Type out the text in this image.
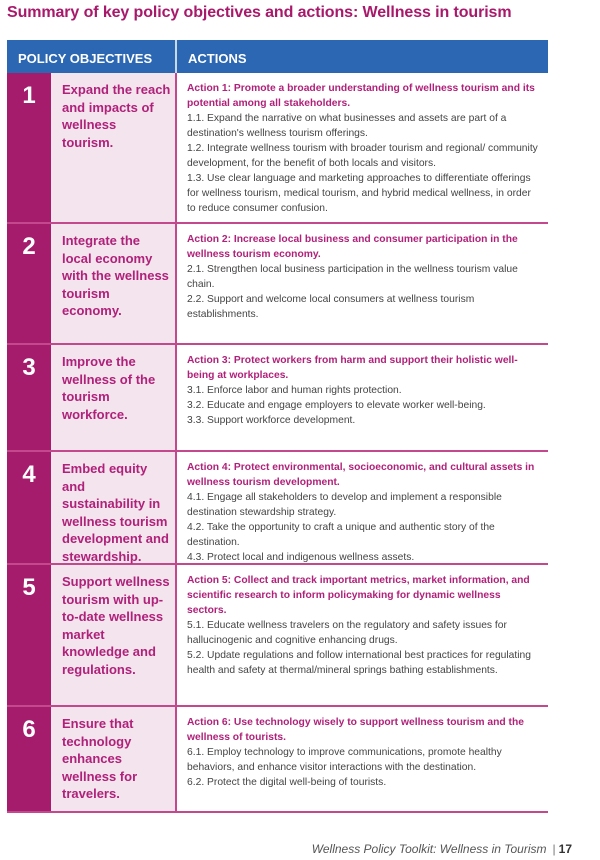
Summary of key policy objectives and actions: Wellness in tourism
POLICY OBJECTIVES	ACTIONS
1	Expand the reach and impacts of wellness tourism.
Action 1: Promote a broader understanding of wellness tourism and its potential among all stakeholders.
1.1. Expand the narrative on what businesses and assets are part of a destination's wellness tourism offerings.
1.2. Integrate wellness tourism with broader tourism and regional/ community development, for the benefit of both locals and visitors.
1.3. Use clear language and marketing approaches to differentiate offerings for wellness tourism, medical tourism, and hybrid medical wellness, in order to reduce consumer confusion.
2	Integrate the local economy with the wellness tourism economy.
Action 2: Increase local business and consumer participation in the wellness tourism economy.
2.1. Strengthen local business participation in the wellness tourism value chain.
2.2. Support and welcome local consumers at wellness tourism establishments.
3	Improve the wellness of the tourism workforce.
Action 3: Protect workers from harm and support their holistic well-being at workplaces.
3.1. Enforce labor and human rights protection.
3.2. Educate and engage employers to elevate worker well-being.
3.3. Support workforce development.
4	Embed equity and sustainability in wellness tourism development and stewardship.
Action 4: Protect environmental, socioeconomic, and cultural assets in wellness tourism development.
4.1. Engage all stakeholders to develop and implement a responsible destination stewardship strategy.
4.2. Take the opportunity to craft a unique and authentic story of the destination.
4.3. Protect local and indigenous wellness assets.
5	Support wellness tourism with up-to-date wellness market knowledge and regulations.
Action 5: Collect and track important metrics, market information, and scientific research to inform policymaking for dynamic wellness sectors.
5.1. Educate wellness travelers on the regulatory and safety issues for hallucinogenic and cognitive enhancing drugs.
5.2. Update regulations and follow international best practices for regulating health and safety at thermal/mineral springs bathing establishments.
6	Ensure that technology enhances wellness for travelers.
Action 6: Use technology wisely to support wellness tourism and the wellness of tourists.
6.1. Employ technology to improve communications, promote healthy behaviors, and enhance visitor interactions with the destination.
6.2. Protect the digital well-being of tourists.
Wellness Policy Toolkit: Wellness in Tourism | 17
